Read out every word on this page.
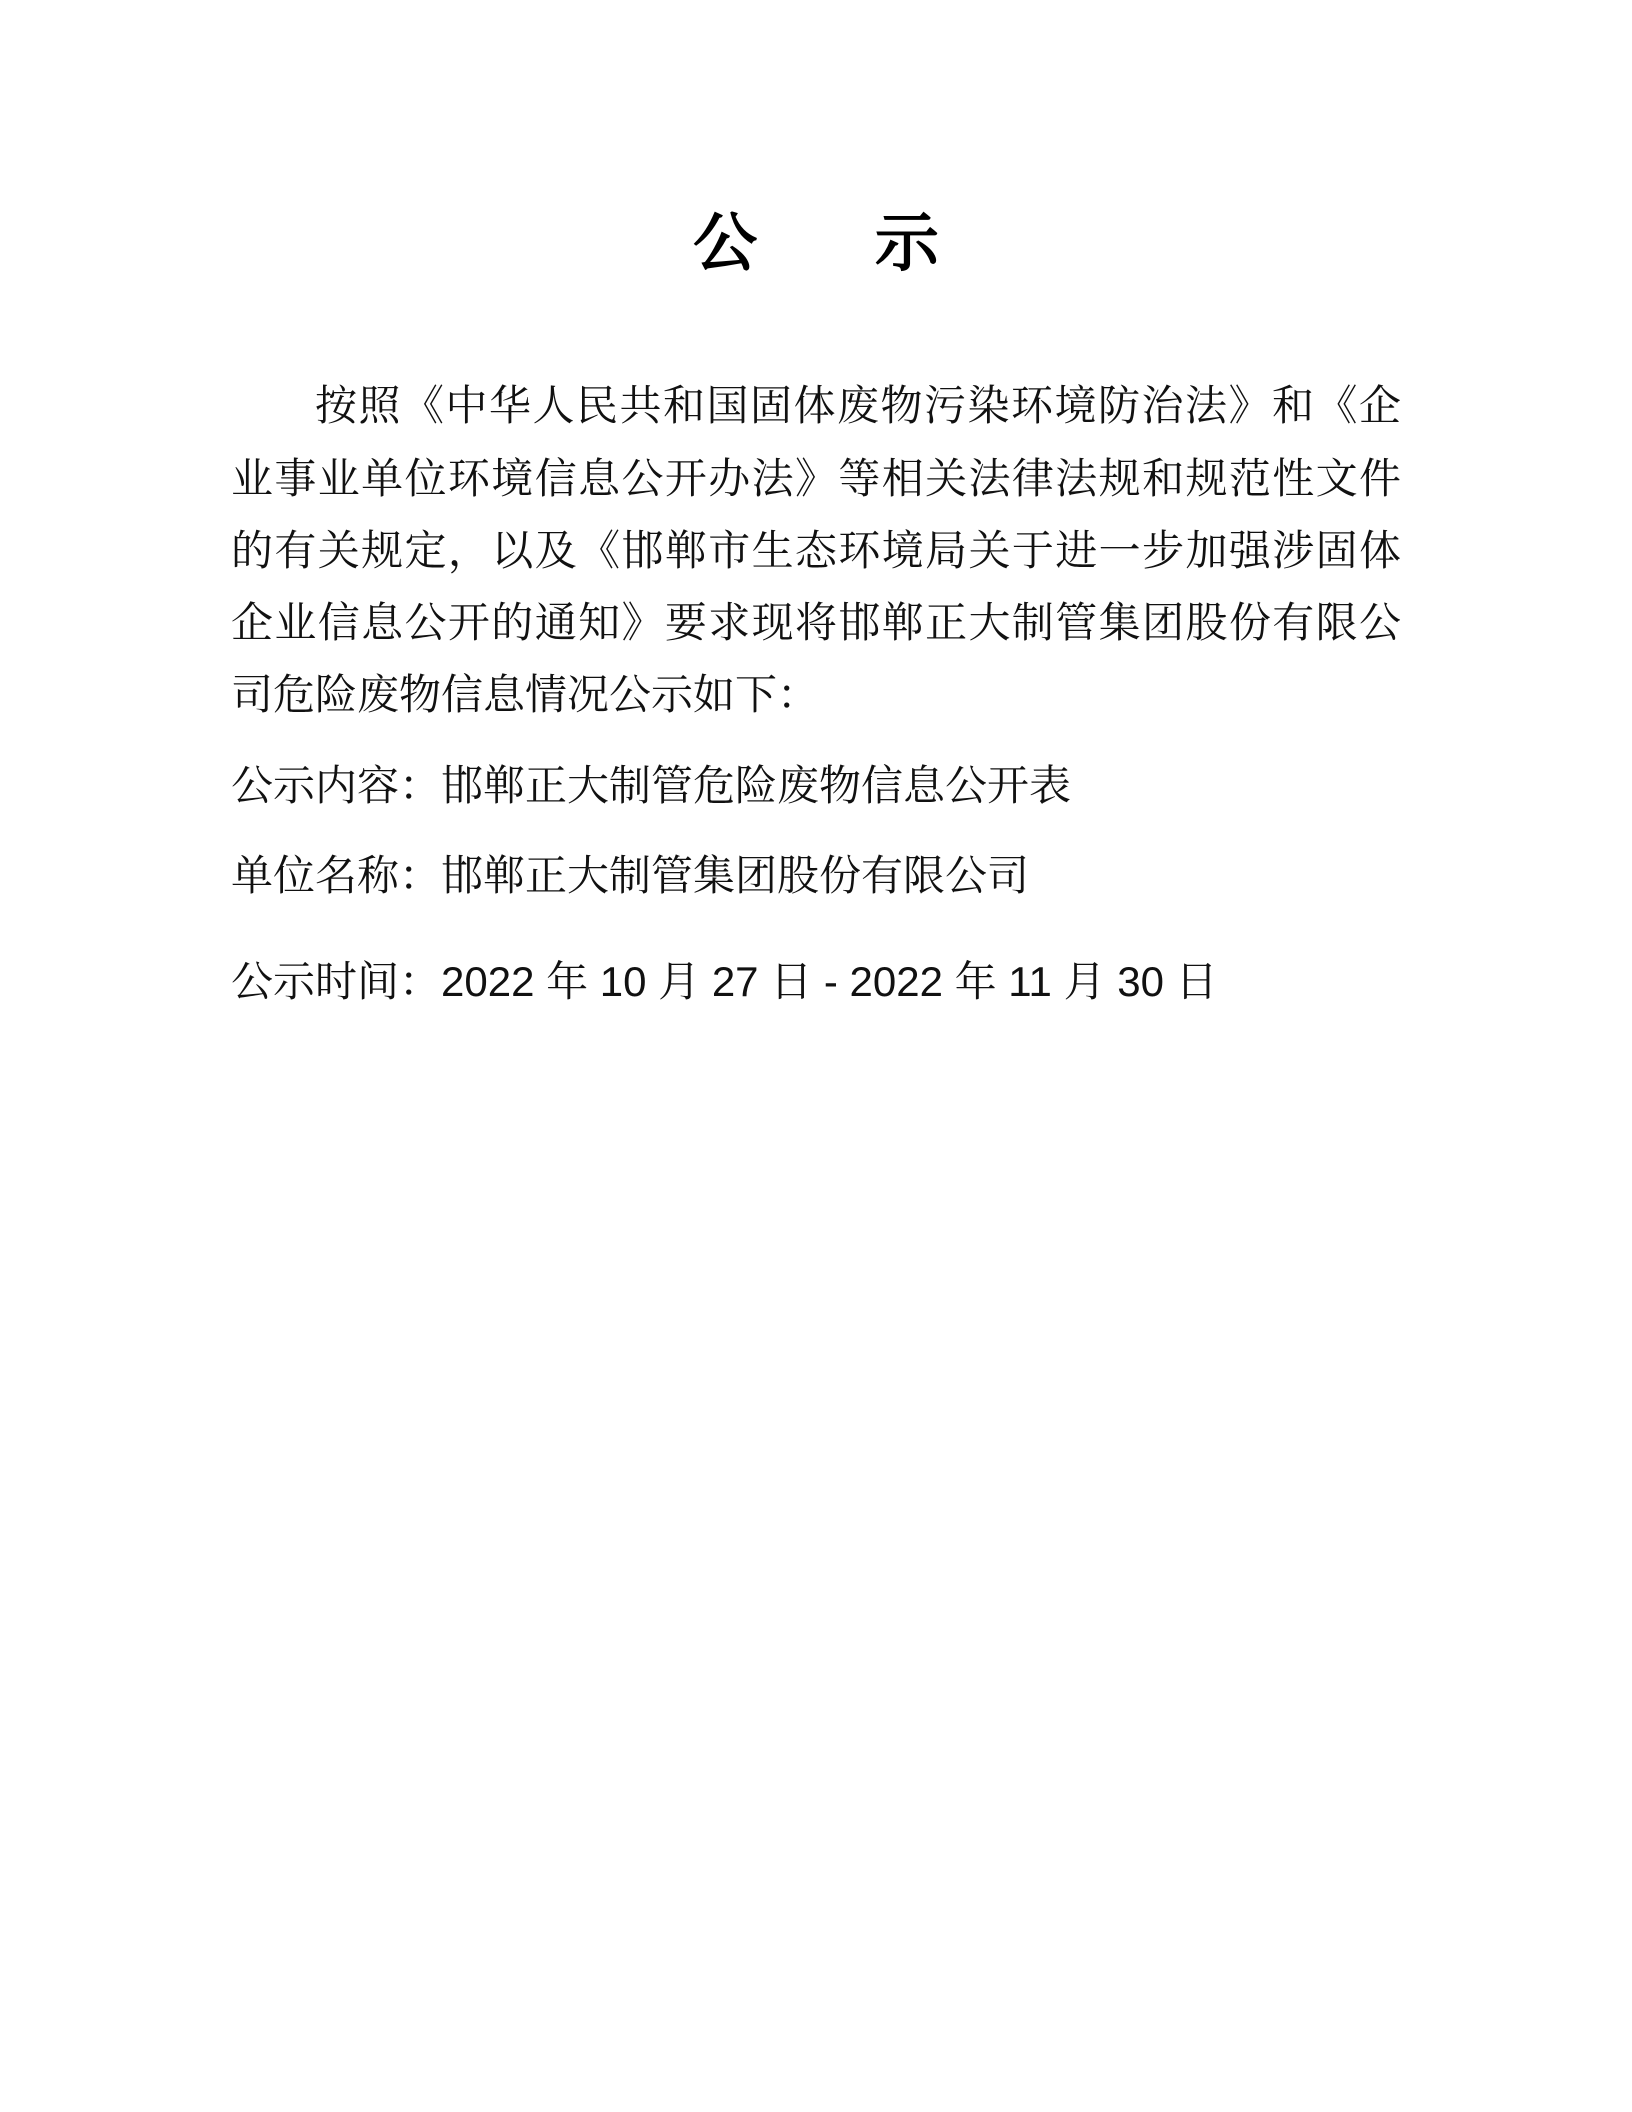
公　示

按照《中华人民共和国固体废物污染环境防治法》和《企业事业单位环境信息公开办法》等相关法律法规和规范性文件的有关规定，以及《邯郸市生态环境局关于进一步加强涉固体企业信息公开的通知》要求现将邯郸正大制管集团股份有限公司危险废物信息情况公示如下：

公示内容：邯郸正大制管危险废物信息公开表

单位名称：邯郸正大制管集团股份有限公司

公示时间：2022 年 10 月 27 日 - 2022 年 11 月 30 日
